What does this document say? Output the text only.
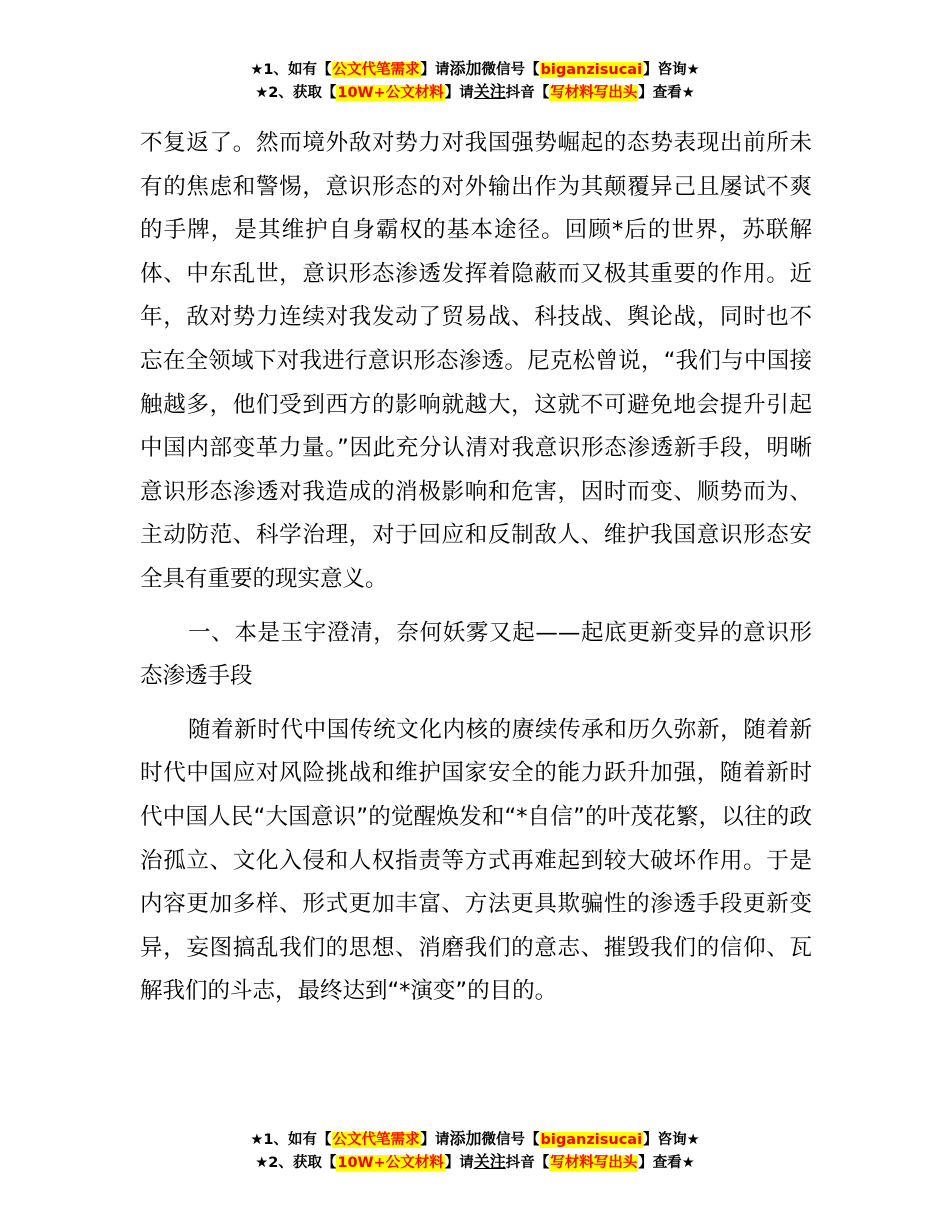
★1、如有【公文代笔需求】请添加微信号【biganzisucai】咨询★
★2、获取【10W+公文材料】请关注抖音【写材料写出头】查看★

不复返了。然而境外敌对势力对我国强势崛起的态势表现出前所未有的焦虑和警惕，意识形态的对外输出作为其颠覆异己且屡试不爽的手牌，是其维护自身霸权的基本途径。回顾*后的世界，苏联解体、中东乱世，意识形态渗透发挥着隐蔽而又极其重要的作用。近年，敌对势力连续对我发动了贸易战、科技战、舆论战，同时也不忘在全领域下对我进行意识形态渗透。尼克松曾说，“我们与中国接触越多，他们受到西方的影响就越大，这就不可避免地会提升引起中国内部变革力量。”因此充分认清对我意识形态渗透新手段，明晰意识形态渗透对我造成的消极影响和危害，因时而变、顺势而为、主动防范、科学治理，对于回应和反制敌人、维护我国意识形态安全具有重要的现实意义。

一、本是玉宇澄清，奈何妖雾又起——起底更新变异的意识形态渗透手段

随着新时代中国传统文化内核的赓续传承和历久弥新，随着新时代中国应对风险挑战和维护国家安全的能力跃升加强，随着新时代中国人民“大国意识”的觉醒焕发和“*自信”的叶茂花繁，以往的政治孤立、文化入侵和人权指责等方式再难起到较大破坏作用。于是内容更加多样、形式更加丰富、方法更具欺骗性的渗透手段更新变异，妄图搞乱我们的思想、消磨我们的意志、摧毁我们的信仰、瓦解我们的斗志，最终达到“*演变”的目的。

★1、如有【公文代笔需求】请添加微信号【biganzisucai】咨询★
★2、获取【10W+公文材料】请关注抖音【写材料写出头】查看★
